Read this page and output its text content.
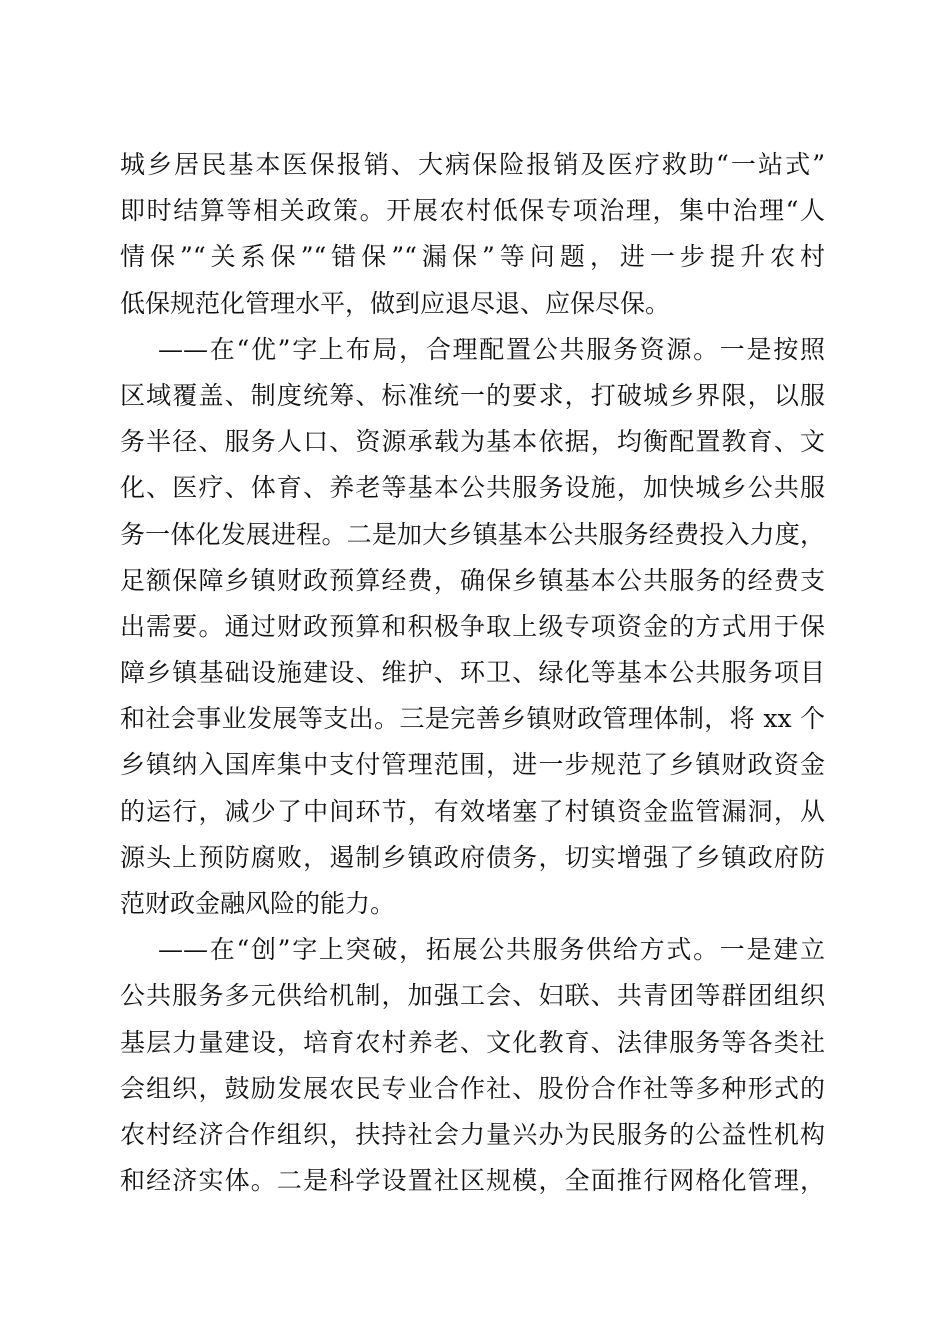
城乡居民基本医保报销、大病保险报销及医疗救助“一站式”
即时结算等相关政策。开展农村低保专项治理，集中治理“人
情保”“关系保”“错保”“漏保”等问题，进一步提升农村
低保规范化管理水平，做到应退尽退、应保尽保。
——在“优”字上布局，合理配置公共服务资源。一是按照
区域覆盖、制度统筹、标准统一的要求，打破城乡界限，以服
务半径、服务人口、资源承载为基本依据，均衡配置教育、文
化、医疗、体育、养老等基本公共服务设施，加快城乡公共服
务一体化发展进程。二是加大乡镇基本公共服务经费投入力度，
足额保障乡镇财政预算经费，确保乡镇基本公共服务的经费支
出需要。通过财政预算和积极争取上级专项资金的方式用于保
障乡镇基础设施建设、维护、环卫、绿化等基本公共服务项目
和社会事业发展等支出。三是完善乡镇财政管理体制，将 xx 个
乡镇纳入国库集中支付管理范围，进一步规范了乡镇财政资金
的运行，减少了中间环节，有效堵塞了村镇资金监管漏洞，从
源头上预防腐败，遏制乡镇政府债务，切实增强了乡镇政府防
范财政金融风险的能力。
——在“创”字上突破，拓展公共服务供给方式。一是建立
公共服务多元供给机制，加强工会、妇联、共青团等群团组织
基层力量建设，培育农村养老、文化教育、法律服务等各类社
会组织，鼓励发展农民专业合作社、股份合作社等多种形式的
农村经济合作组织，扶持社会力量兴办为民服务的公益性机构
和经济实体。二是科学设置社区规模，全面推行网格化管理，
